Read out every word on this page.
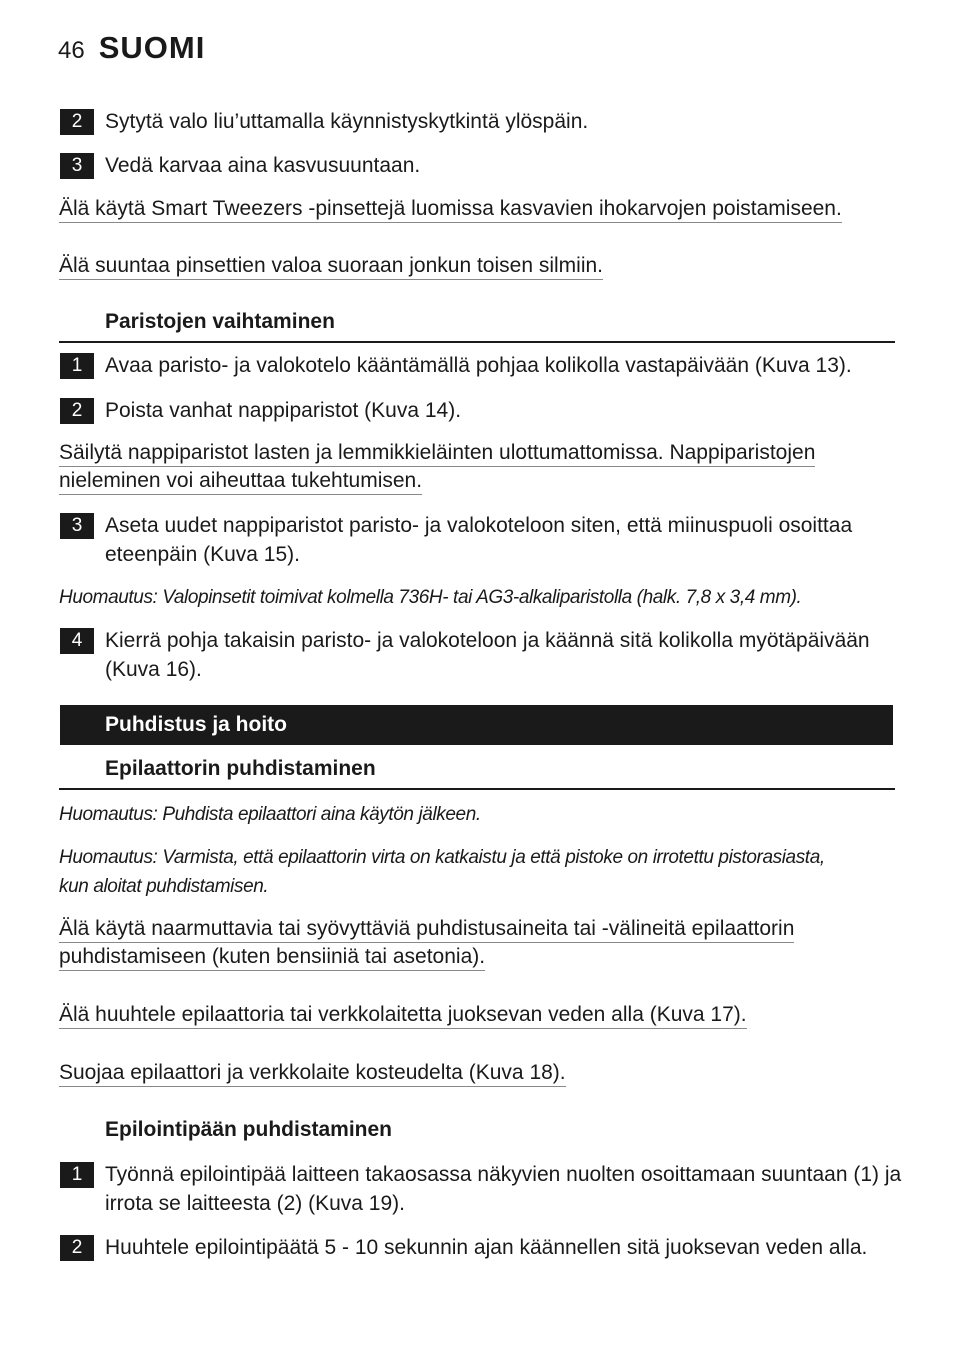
46 SUOMI
2	Sytytä valo liu’uttamalla käynnistyskytkintä ylöspäin.
3	Vedä karvaa aina kasvusuuntaan.
Älä käytä Smart Tweezers -pinsettejä luomissa kasvavien ihokarvojen poistamiseen.
Älä suuntaa pinsettien valoa suoraan jonkun toisen silmiin.
Paristojen vaihtaminen
1	Avaa paristo- ja valokotelo kääntämällä pohjaa kolikolla vastapäivään (Kuva 13).
2	Poista vanhat nappiparistot (Kuva 14).
Säilytä nappiparistot lasten ja lemmikkieläinten ulottumattomissa. Nappiparistojen
nieleminen voi aiheuttaa tukehtumisen.
3	Aseta uudet nappiparistot paristo- ja valokoteloon siten, että miinuspuoli osoittaa eteenpäin (Kuva 15).
Huomautus: Valopinsetit toimivat kolmella 736H- tai AG3-alkaliparistolla (halk. 7,8 x 3,4 mm).
4	Kierrä pohja takaisin paristo- ja valokoteloon ja käännä sitä kolikolla myötäpäivään (Kuva 16).
Puhdistus ja hoito
Epilaattorin puhdistaminen
Huomautus: Puhdista epilaattori aina käytön jälkeen.
Huomautus: Varmista, että epilaattorin virta on katkaistu ja että pistoke on irrotettu pistorasiasta, kun aloitat puhdistamisen.
Älä käytä naarmuttavia tai syövyttäviä puhdistusaineita tai -välineitä epilaattorin
puhdistamiseen (kuten bensiiniä tai asetonia).
Älä huuhtele epilaattoria tai verkkolaitetta juoksevan veden alla (Kuva 17).
Suojaa epilaattori ja verkkolaite kosteudelta (Kuva 18).
Epilointipään puhdistaminen
1	Työnnä epilointipää laitteen takaosassa näkyvien nuolten osoittamaan suuntaan (1) ja irrota se laitteesta (2) (Kuva 19).
2	Huuhtele epilointipäätä 5 - 10 sekunnin ajan käännellen sitä juoksevan veden alla.
